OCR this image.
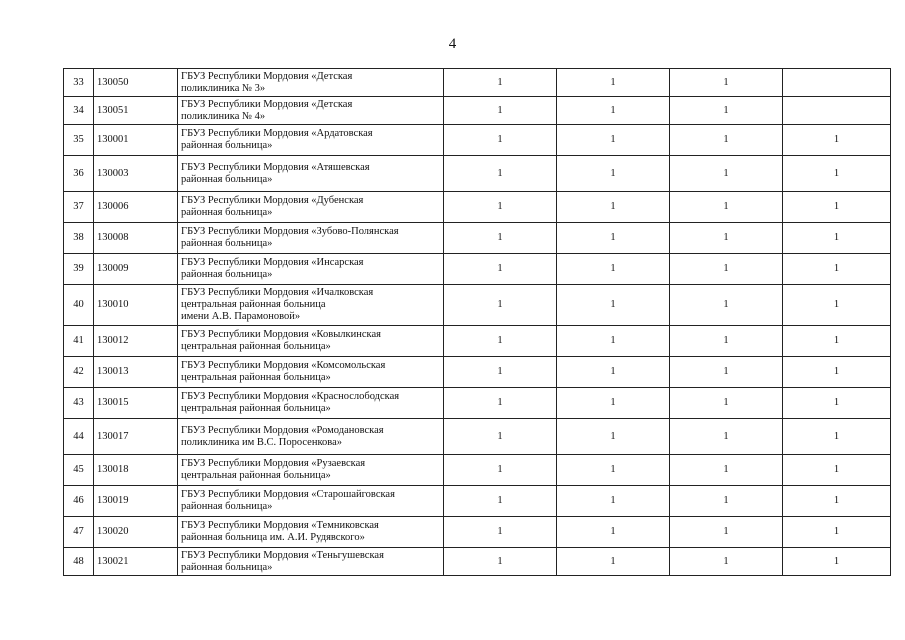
4
33	130050	ГБУЗ Республики Мордовия «Детская
поликлиника № 3»	1	1	1	
34	130051	ГБУЗ Республики Мордовия «Детская
поликлиника № 4»	1	1	1	
35	130001	ГБУЗ Республики Мордовия «Ардатовская
районная больница»	1	1	1	1
36	130003	ГБУЗ Республики Мордовия «Атяшевская
районная больница»	1	1	1	1
37	130006	ГБУЗ Республики Мордовия «Дубенская
районная больница»	1	1	1	1
38	130008	ГБУЗ Республики Мордовия «Зубово-Полянская
районная больница»	1	1	1	1
39	130009	ГБУЗ Республики Мордовия «Инсарская
районная больница»	1	1	1	1
40	130010	ГБУЗ Республики Мордовия «Ичалковская
центральная районная больница
имени А.В. Парамоновой»	1	1	1	1
41	130012	ГБУЗ Республики Мордовия «Ковылкинская
центральная районная больница»	1	1	1	1
42	130013	ГБУЗ Республики Мордовия «Комсомольская
центральная районная больница»	1	1	1	1
43	130015	ГБУЗ Республики Мордовия «Краснослободская
центральная районная больница»	1	1	1	1
44	130017	ГБУЗ Республики Мордовия «Ромодановская
поликлиника им В.С. Поросенкова»	1	1	1	1
45	130018	ГБУЗ Республики Мордовия «Рузаевская
центральная районная больница»	1	1	1	1
46	130019	ГБУЗ Республики Мордовия «Старошайговская
районная больница»	1	1	1	1
47	130020	ГБУЗ Республики Мордовия «Темниковская
районная больница им. А.И. Рудявского»	1	1	1	1
48	130021	ГБУЗ Республики Мордовия «Теньгушевская
районная больница»	1	1	1	1
